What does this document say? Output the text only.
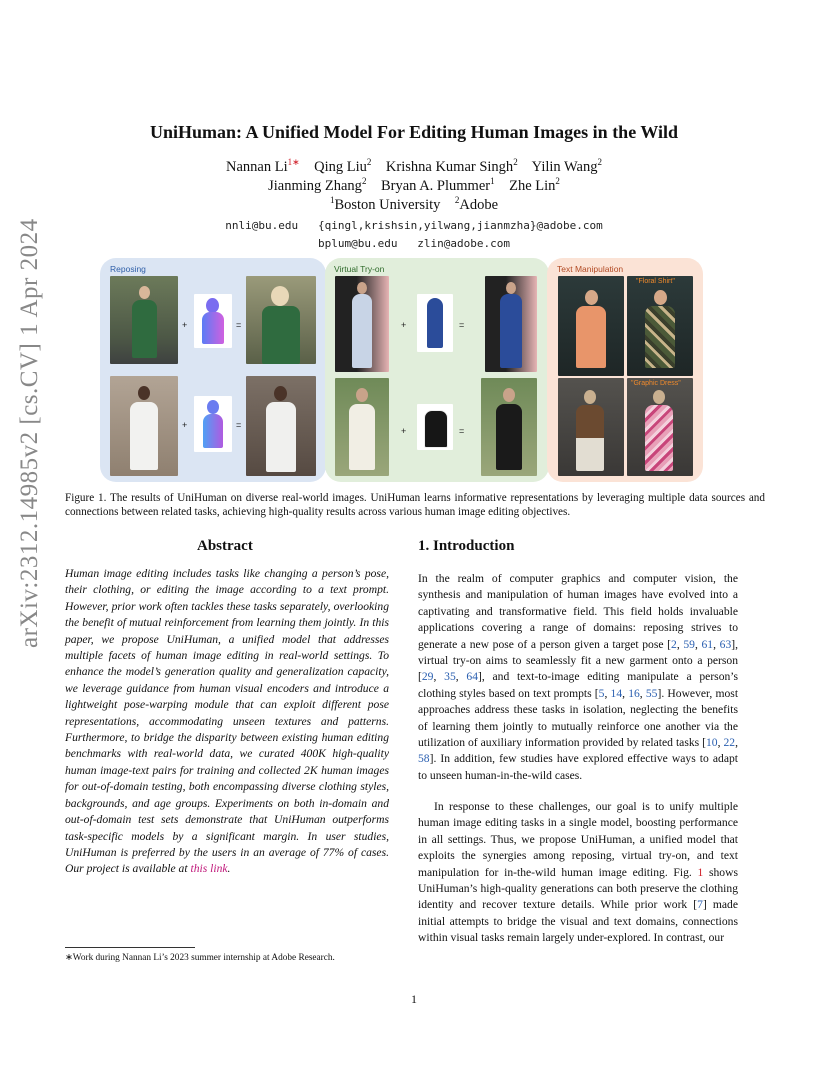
arXiv:2312.14985v2 [cs.CV] 1 Apr 2024
UniHuman: A Unified Model For Editing Human Images in the Wild
Nannan $Li^{1∗}$ Qing Liu$^2$ Krishna Kumar Singh$^2$ Yilin Wang$^2$
Jianming Zhang$^2$ Bryan A. Plummer$^1$ Zhe Lin$^2$
$^1$Boston University $^2$Adobe
nnli@bu.edu   {qingl,krishsin,yilwang,jianmzha}@adobe.com
bplum@bu.edu   zlin@adobe.com
Reposing
+	=
+	=
Virtual Try-on
+	=
+	=
Text Manipulation
"Floral Shirt"
"Graphic Dress"
Figure 1. The results of UniHuman on diverse real-world images. UniHuman learns informative representations by leveraging multiple data sources and connections between related tasks, achieving high-quality results across various human image editing objectives.
Abstract
Human image editing includes tasks like changing a person’s pose, their clothing, or editing the image according to a text prompt. However, prior work often tackles these tasks separately, overlooking the benefit of mutual reinforcement from learning them jointly. In this paper, we propose UniHuman, a unified model that addresses multiple facets of human image editing in real-world settings. To enhance the model’s generation quality and generalization capacity, we leverage guidance from human visual encoders and introduce a lightweight pose-warping module that can exploit different pose representations, accommodating unseen textures and patterns. Furthermore, to bridge the disparity between existing human editing benchmarks with real-world data, we curated 400K high-quality human image-text pairs for training and collected 2K human images for out-of-domain testing, both encompassing diverse clothing styles, backgrounds, and age groups. Experiments on both in-domain and out-of-domain test sets demonstrate that UniHuman outperforms task-specific models by a significant margin. In user studies, UniHuman is preferred by the users in an average of 77% of cases. Our project is available at this link.
∗Work during Nannan Li’s 2023 summer internship at Adobe Research.
1. Introduction
In the realm of computer graphics and computer vision, the synthesis and manipulation of human images have evolved into a captivating and transformative field. This field holds invaluable applications covering a range of domains: reposing strives to generate a new pose of a person given a target pose [2, 59, 61, 63], virtual try-on aims to seamlessly fit a new garment onto a person [29, 35, 64], and text-to-image editing manipulate a person’s clothing styles based on text prompts [5, 14, 16, 55]. However, most approaches address these tasks in isolation, neglecting the benefits of learning them jointly to mutually reinforce one another via the utilization of auxiliary information provided by related tasks [10, 22, 58]. In addition, few studies have explored effective ways to adapt to unseen human-in-the-wild cases.
In response to these challenges, our goal is to unify multiple human image editing tasks in a single model, boosting performance in all settings. Thus, we propose UniHuman, a unified model that exploits the synergies among reposing, virtual try-on, and text manipulation for in-the-wild human image editing. Fig. 1 shows UniHuman’s high-quality generations can both preserve the clothing identity and recover texture details. While prior work [7] made initial attempts to bridge the visual and text domains, connections within visual tasks remain largely under-explored. In contrast, our
1
